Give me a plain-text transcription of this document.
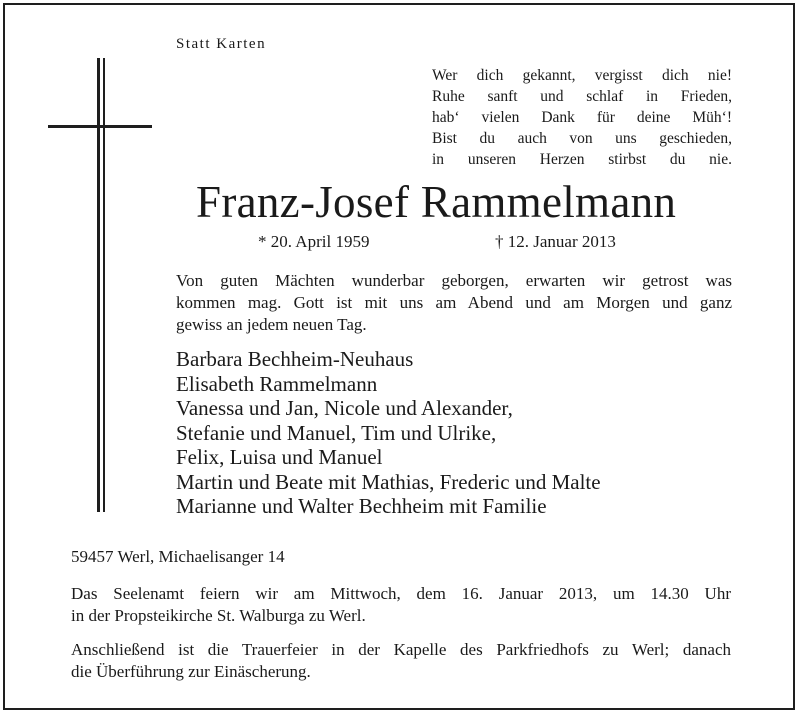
Statt Karten
Wer dich gekannt, vergisst dich nie!
Ruhe sanft und schlaf in Frieden,
hab‘ vielen Dank für deine Müh‘!
Bist du auch von uns geschieden,
in unseren Herzen stirbst du nie.
Franz-Josef Rammelmann
* 20. April 1959	† 12. Januar 2013
Von guten Mächten wunderbar geborgen, erwarten wir getrost was
kommen mag. Gott ist mit uns am Abend und am Morgen und ganz
gewiss an jedem neuen Tag.
Barbara Bechheim-Neuhaus
Elisabeth Rammelmann
Vanessa und Jan, Nicole und Alexander,
Stefanie und Manuel, Tim und Ulrike,
Felix, Luisa und Manuel
Martin und Beate mit Mathias, Frederic und Malte
Marianne und Walter Bechheim mit Familie
59457 Werl, Michaelisanger 14
Das Seelenamt feiern wir am Mittwoch, dem 16. Januar 2013, um 14.30 Uhr
in der Propsteikirche St. Walburga zu Werl.
Anschließend ist die Trauerfeier in der Kapelle des Parkfriedhofs zu Werl; danach
die Überführung zur Einäscherung.
